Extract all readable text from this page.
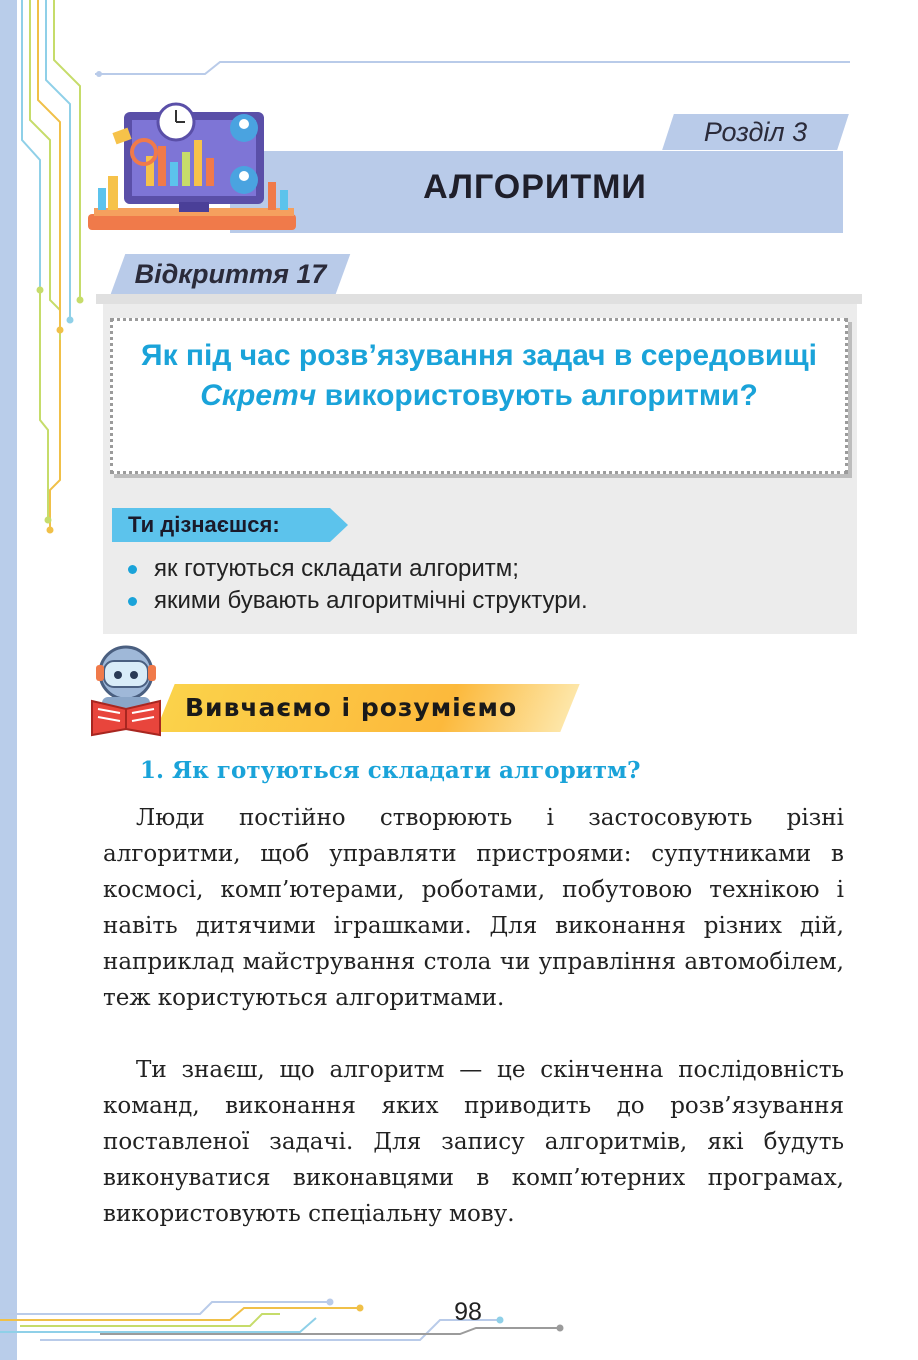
Розділ 3
АЛГОРИТМИ
Відкриття 17
Як під час розв’язування задач в середовищі Скретч використовують алгоритми?
Ти дізнаєшся:
як готуються складати алгоритм;
якими бувають алгоритмічні структури.
Вивчаємо і розуміємо
1. Як готуються складати алгоритм?

Люди постійно створюють і застосовують різні алгоритми, щоб управляти пристроями: супутниками в космосі, комп’ютерами, роботами, побутовою технікою і навіть дитячими іграшками. Для виконання різних дій, наприклад майстрування стола чи управління автомобілем, теж користуються алгоритмами.

Ти знаєш, що алгоритм — це скінченна послідовність команд, виконання яких приводить до розв’язування поставленої задачі. Для запису алгоритмів, які будуть виконуватися виконавцями в комп’ютерних програмах, використовують спеціальну мову.

98
